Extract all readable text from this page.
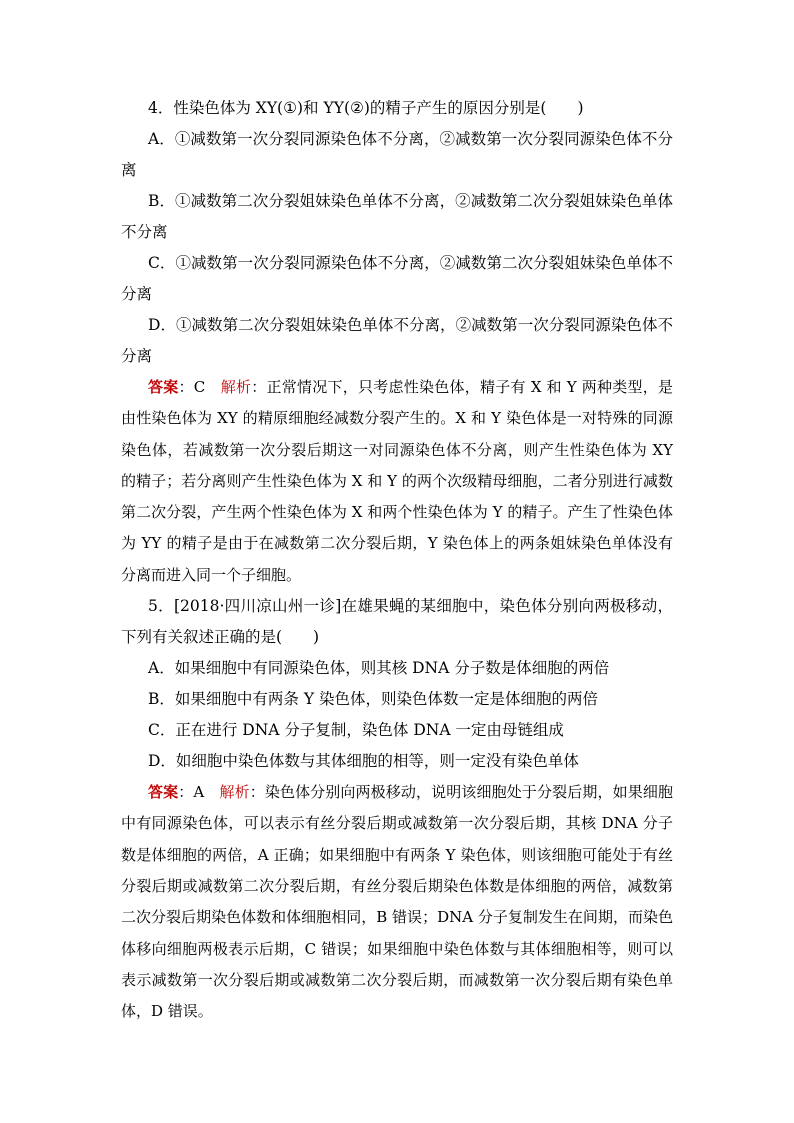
4．性染色体为 XY(①)和 YY(②)的精子产生的原因分别是(　　)

A．①减数第一次分裂同源染色体不分离，②减数第一次分裂同源染色体不分离

B．①减数第二次分裂姐妹染色单体不分离，②减数第二次分裂姐妹染色单体不分离

C．①减数第一次分裂同源染色体不分离，②减数第二次分裂姐妹染色单体不分离

D．①减数第二次分裂姐妹染色单体不分离，②减数第一次分裂同源染色体不分离

答案：C　解析：正常情况下，只考虑性染色体，精子有 X 和 Y 两种类型，是由性染色体为 XY 的精原细胞经减数分裂产生的。X 和 Y 染色体是一对特殊的同源染色体，若减数第一次分裂后期这一对同源染色体不分离，则产生性染色体为 XY 的精子；若分离则产生性染色体为 X 和 Y 的两个次级精母细胞，二者分别进行减数第二次分裂，产生两个性染色体为 X 和两个性染色体为 Y 的精子。产生了性染色体为 YY 的精子是由于在减数第二次分裂后期，Y 染色体上的两条姐妹染色单体没有分离而进入同一个子细胞。

5．[2018·四川凉山州一诊]在雄果蝇的某细胞中，染色体分别向两极移动，下列有关叙述正确的是(　　)

A．如果细胞中有同源染色体，则其核 DNA 分子数是体细胞的两倍

B．如果细胞中有两条 Y 染色体，则染色体数一定是体细胞的两倍

C．正在进行 DNA 分子复制，染色体 DNA 一定由母链组成

D．如细胞中染色体数与其体细胞的相等，则一定没有染色单体

答案：A　解析：染色体分别向两极移动，说明该细胞处于分裂后期，如果细胞中有同源染色体，可以表示有丝分裂后期或减数第一次分裂后期，其核 DNA 分子数是体细胞的两倍，A 正确；如果细胞中有两条 Y 染色体，则该细胞可能处于有丝分裂后期或减数第二次分裂后期，有丝分裂后期染色体数是体细胞的两倍，减数第二次分裂后期染色体数和体细胞相同，B 错误；DNA 分子复制发生在间期，而染色体移向细胞两极表示后期，C 错误；如果细胞中染色体数与其体细胞相等，则可以表示减数第一次分裂后期或减数第二次分裂后期，而减数第一次分裂后期有染色单体，D 错误。
